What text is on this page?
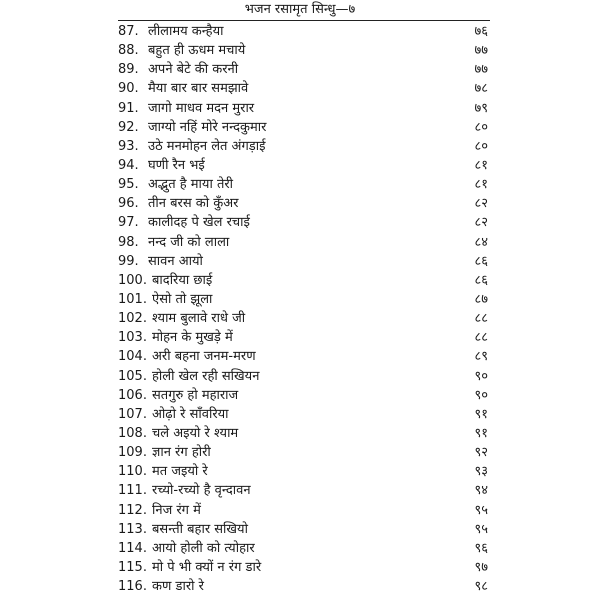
भजन रसामृत सिन्धु—७
87. लीलामय कन्हैया	७६
88. बहुत ही ऊधम मचाये	७७
89. अपने बेटे की करनी	७७
90. मैया बार बार समझावे	७८
91. जागो माधव मदन मुरार	७९
92. जाग्यो नहिं मोरे नन्दकुमार	८०
93. उठे मनमोहन लेत अंगड़ाई	८०
94. घणी रैन भई	८१
95. अद्भुत है माया तेरी	८१
96. तीन बरस को कुँअर	८२
97. कालीदह पे खेल रचाई	८२
98. नन्द जी को लाला	८४
99. सावन आयो	८६
100. बादरिया छाई	८६
101. ऐसो तो झूला	८७
102. श्याम बुलावे राधे जी	८८
103. मोहन के मुखड़े में	८८
104. अरी बहना जनम-मरण	८९
105. होली खेल रही सखियन	९०
106. सतगुरु हो महाराज	९०
107. ओढ़ो रे साँवरिया	९१
108. चले अइयो रे श्याम	९१
109. ज्ञान रंग होरी	९२
110. मत जइयो रे	९३
111. रच्यो-रच्यो है वृन्दावन	९४
112. निज रंग में	९५
113. बसन्ती बहार सखियो	९५
114. आयो होली को त्योहार	९६
115. मो पे भी क्यों न रंग डारे	९७
116. कण डारो रे	९८
